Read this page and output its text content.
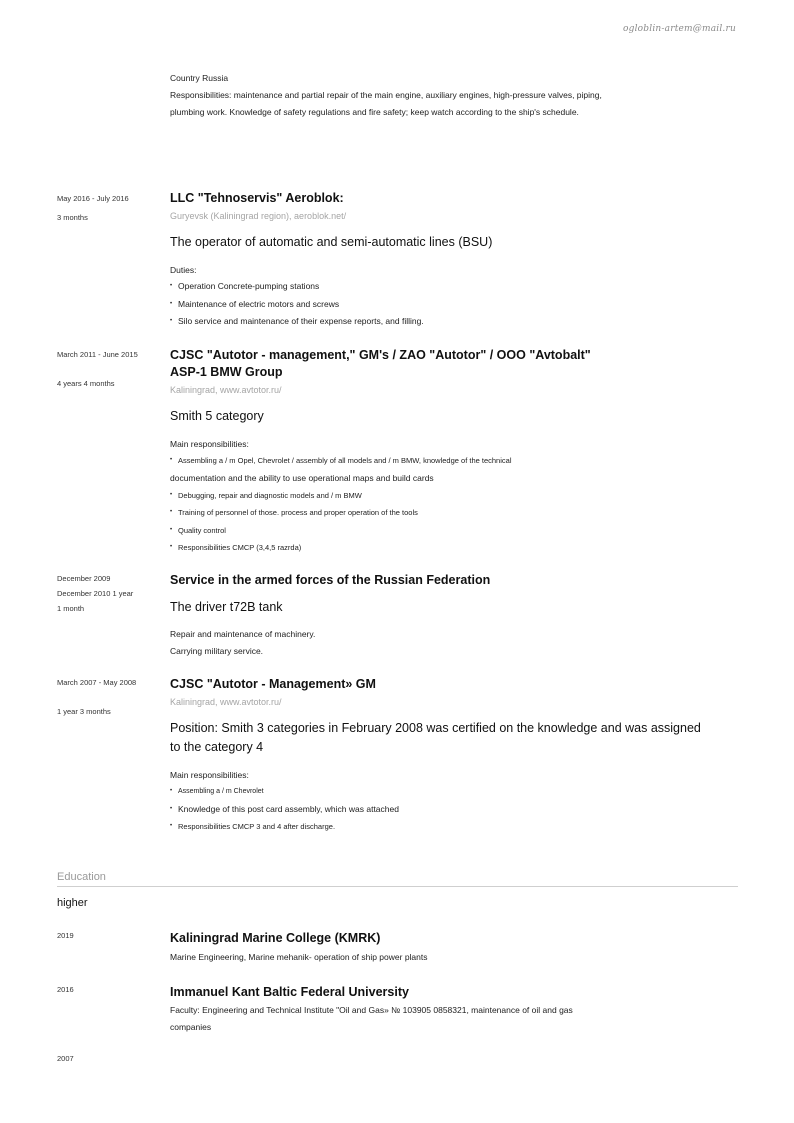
ogloblin-artem@mail.ru
Country Russia
Responsibilities: maintenance and partial repair of the main engine, auxiliary engines, high-pressure valves, piping,
plumbing work. Knowledge of safety regulations and fire safety; keep watch according to the ship's schedule.
May 2016 - July 2016
3 months
LLC "Tehnoservis" Aeroblok:
Guryevsk (Kaliningrad region), aeroblok.net/
The operator of automatic and semi-automatic lines (BSU)
Duties:
• Operation Concrete-pumping stations
• Maintenance of electric motors and screws
• Silo service and maintenance of their expense reports, and filling.
March 2011 - June 2015
4 years 4 months
CJSC "Autotor - management," GM's / ZAO "Autotor" / OOO "Avtobalt"
ASP-1 BMW Group
Kaliningrad, www.avtotor.ru/
Smith 5 category
Main responsibilities:
• Assembling a / m Opel, Chevrolet / assembly of all models and / m BMW, knowledge of the technical
documentation and the ability to use operational maps and build cards
• Debugging, repair and diagnostic models and / m BMW
• Training of personnel of those. process and proper operation of the tools
• Quality control
• Responsibilities CMCP (3,4,5 razrda)
December 2009
December 2010 1 year
1 month
Service in the armed forces of the Russian Federation
The driver t72B tank
Repair and maintenance of machinery.
Carrying military service.
March 2007 - May 2008
1 year 3 months
CJSC "Autotor - Management» GM
Kaliningrad, www.avtotor.ru/
Position: Smith 3 categories in February 2008 was certified on the knowledge and was assigned
to the category 4
Main responsibilities:
• Assembling a / m Chevrolet
• Knowledge of this post card assembly, which was attached
• Responsibilities CMCP 3 and 4 after discharge.
Education
higher
2019	Kaliningrad Marine College (KMRK)
Marine Engineering, Marine mehanik- operation of ship power plants
2016	Immanuel Kant Baltic Federal University
Faculty: Engineering and Technical Institute "Oil and Gas» № 103905 0858321, maintenance of oil and gas companies
2007
